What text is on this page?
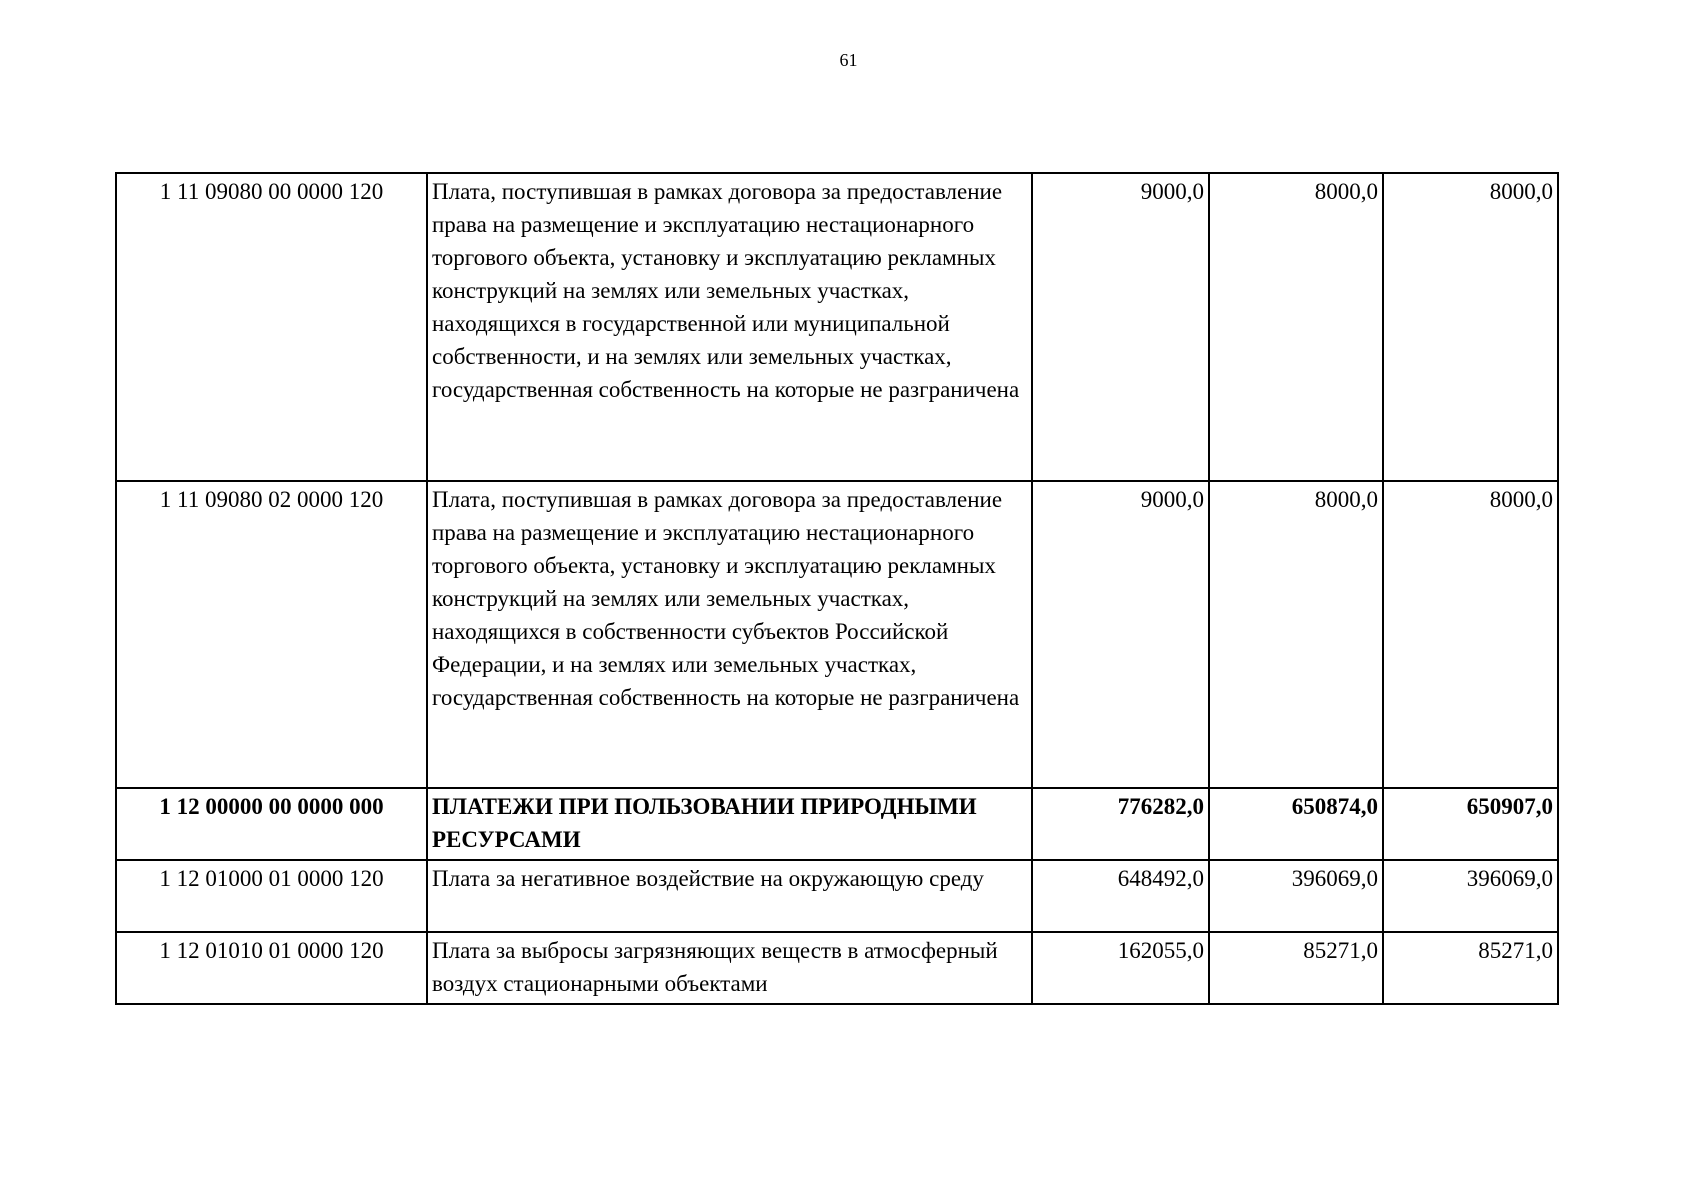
61
1 11 09080 00 0000 120	Плата, поступившая в рамках договора за предоставление права на размещение и эксплуатацию нестационарного торгового объекта, установку и эксплуатацию рекламных конструкций на землях или земельных участках, находящихся в государственной или муниципальной собственности, и на землях или земельных участках, государственная собственность на которые не разграничена	9000,0	8000,0	8000,0
1 11 09080 02 0000 120	Плата, поступившая в рамках договора за предоставление права на размещение и эксплуатацию нестационарного торгового объекта, установку и эксплуатацию рекламных конструкций на землях или земельных участках, находящихся в собственности субъектов Российской Федерации, и на землях или земельных участках, государственная собственность на которые не разграничена	9000,0	8000,0	8000,0
1 12 00000 00 0000 000	ПЛАТЕЖИ ПРИ ПОЛЬЗОВАНИИ ПРИРОДНЫМИ РЕСУРСАМИ	776282,0	650874,0	650907,0
1 12 01000 01 0000 120	Плата за негативное воздействие на окружающую среду	648492,0	396069,0	396069,0
1 12 01010 01 0000 120	Плата за выбросы загрязняющих веществ в атмосферный воздух стационарными объектами	162055,0	85271,0	85271,0
